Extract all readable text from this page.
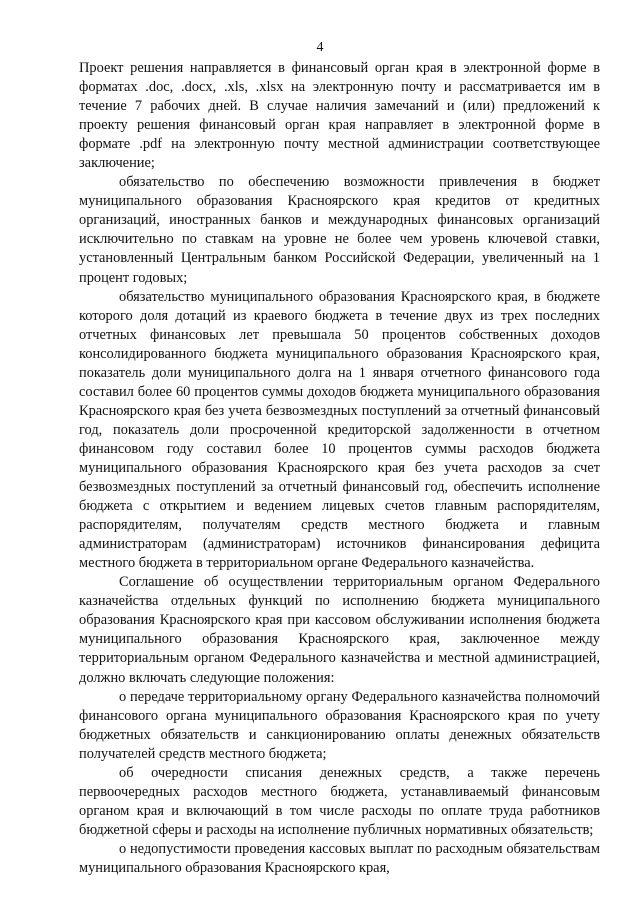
4

Проект решения направляется в финансовый орган края в электронной форме в форматах .doc, .docx, .xls, .xlsx на электронную почту и рассматривается им в течение 7 рабочих дней. В случае наличия замечаний и (или) предложений к проекту решения финансовый орган края направляет в электронной форме в формате .pdf на электронную почту местной администрации соответствующее заключение;

обязательство по обеспечению возможности привлечения в бюджет муниципального образования Красноярского края кредитов от кредитных организаций, иностранных банков и международных финансовых организаций исключительно по ставкам на уровне не более чем уровень ключевой ставки, установленный Центральным банком Российской Федерации, увеличенный на 1 процент годовых;

обязательство муниципального образования Красноярского края, в бюджете которого доля дотаций из краевого бюджета в течение двух из трех последних отчетных финансовых лет превышала 50 процентов собственных доходов консолидированного бюджета муниципального образования Красноярского края, показатель доли муниципального долга на 1 января отчетного финансового года составил более 60 процентов суммы доходов бюджета муниципального образования Красноярского края без учета безвозмездных поступлений за отчетный финансовый год, показатель доли просроченной кредиторской задолженности в отчетном финансовом году составил более 10 процентов суммы расходов бюджета муниципального образования Красноярского края без учета расходов за счет безвозмездных поступлений за отчетный финансовый год, обеспечить исполнение бюджета с открытием и ведением лицевых счетов главным распорядителям, распорядителям, получателям средств местного бюджета и главным администраторам (администраторам) источников финансирования дефицита местного бюджета в территориальном органе Федерального казначейства.

Соглашение об осуществлении территориальным органом Федерального казначейства отдельных функций по исполнению бюджета муниципального образования Красноярского края при кассовом обслуживании исполнения бюджета муниципального образования Красноярского края, заключенное между территориальным органом Федерального казначейства и местной администрацией, должно включать следующие положения:

о передаче территориальному органу Федерального казначейства полномочий финансового органа муниципального образования Красноярского края по учету бюджетных обязательств и санкционированию оплаты денежных обязательств получателей средств местного бюджета;

об очередности списания денежных средств, а также перечень первоочередных расходов местного бюджета, устанавливаемый финансовым органом края и включающий в том числе расходы по оплате труда работников бюджетной сферы и расходы на исполнение публичных нормативных обязательств;

о недопустимости проведения кассовых выплат по расходным обязательствам муниципального образования Красноярского края,
